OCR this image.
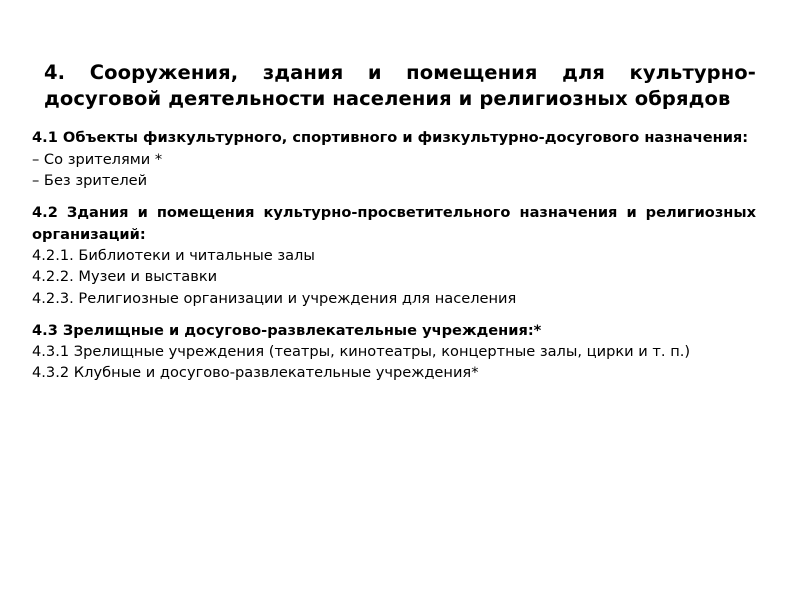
4. Сооружения, здания и помещения для культурно-досуговой деятельности населения и религиозных обрядов

4.1 Объекты физкультурного, спортивного и физкультурно-досугового назначения:

– Со зрителями *

– Без зрителей

4.2 Здания и помещения культурно-просветительного назначения и религиозных организаций:

4.2.1. Библиотеки и читальные залы

4.2.2. Музеи и выставки

4.2.3. Религиозные организации и учреждения для населения

4.3 Зрелищные и досугово-развлекательные учреждения:*

4.3.1 Зрелищные учреждения (театры, кинотеатры, концертные залы, цирки и т. п.)

4.3.2 Клубные и досугово-развлекательные учреждения*
